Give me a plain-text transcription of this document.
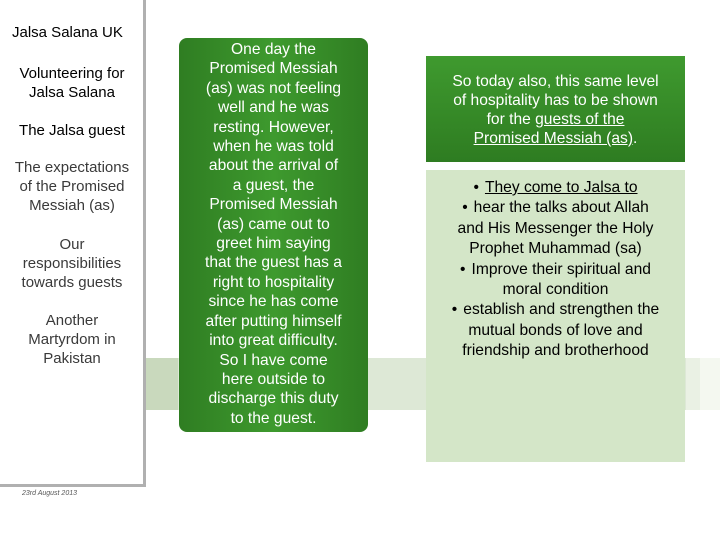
Jalsa Salana UK
Volunteering for
Jalsa Salana
The Jalsa guest
The expectations
of the Promised
Messiah (as)
Our
responsibilities
towards guests
Another
Martyrdom in
Pakistan
23rd August 2013
One day the
Promised Messiah
(as) was not feeling
well and he was
resting. However,
when he was told
about the arrival of
a guest, the
Promised Messiah
(as) came out to
greet him saying
that the guest has a
right to hospitality
since he has come
after putting himself
into great difficulty.
So I have come
here outside to
discharge this duty
to the guest.
So today also, this same level
of hospitality has to be shown
for the guests of the
Promised Messiah (as).
• They come to Jalsa to
• hear the talks about Allah
and His Messenger the Holy
Prophet Muhammad (sa)
• Improve their spiritual and
moral condition
• establish and strengthen the
mutual bonds of love and
friendship and brotherhood
